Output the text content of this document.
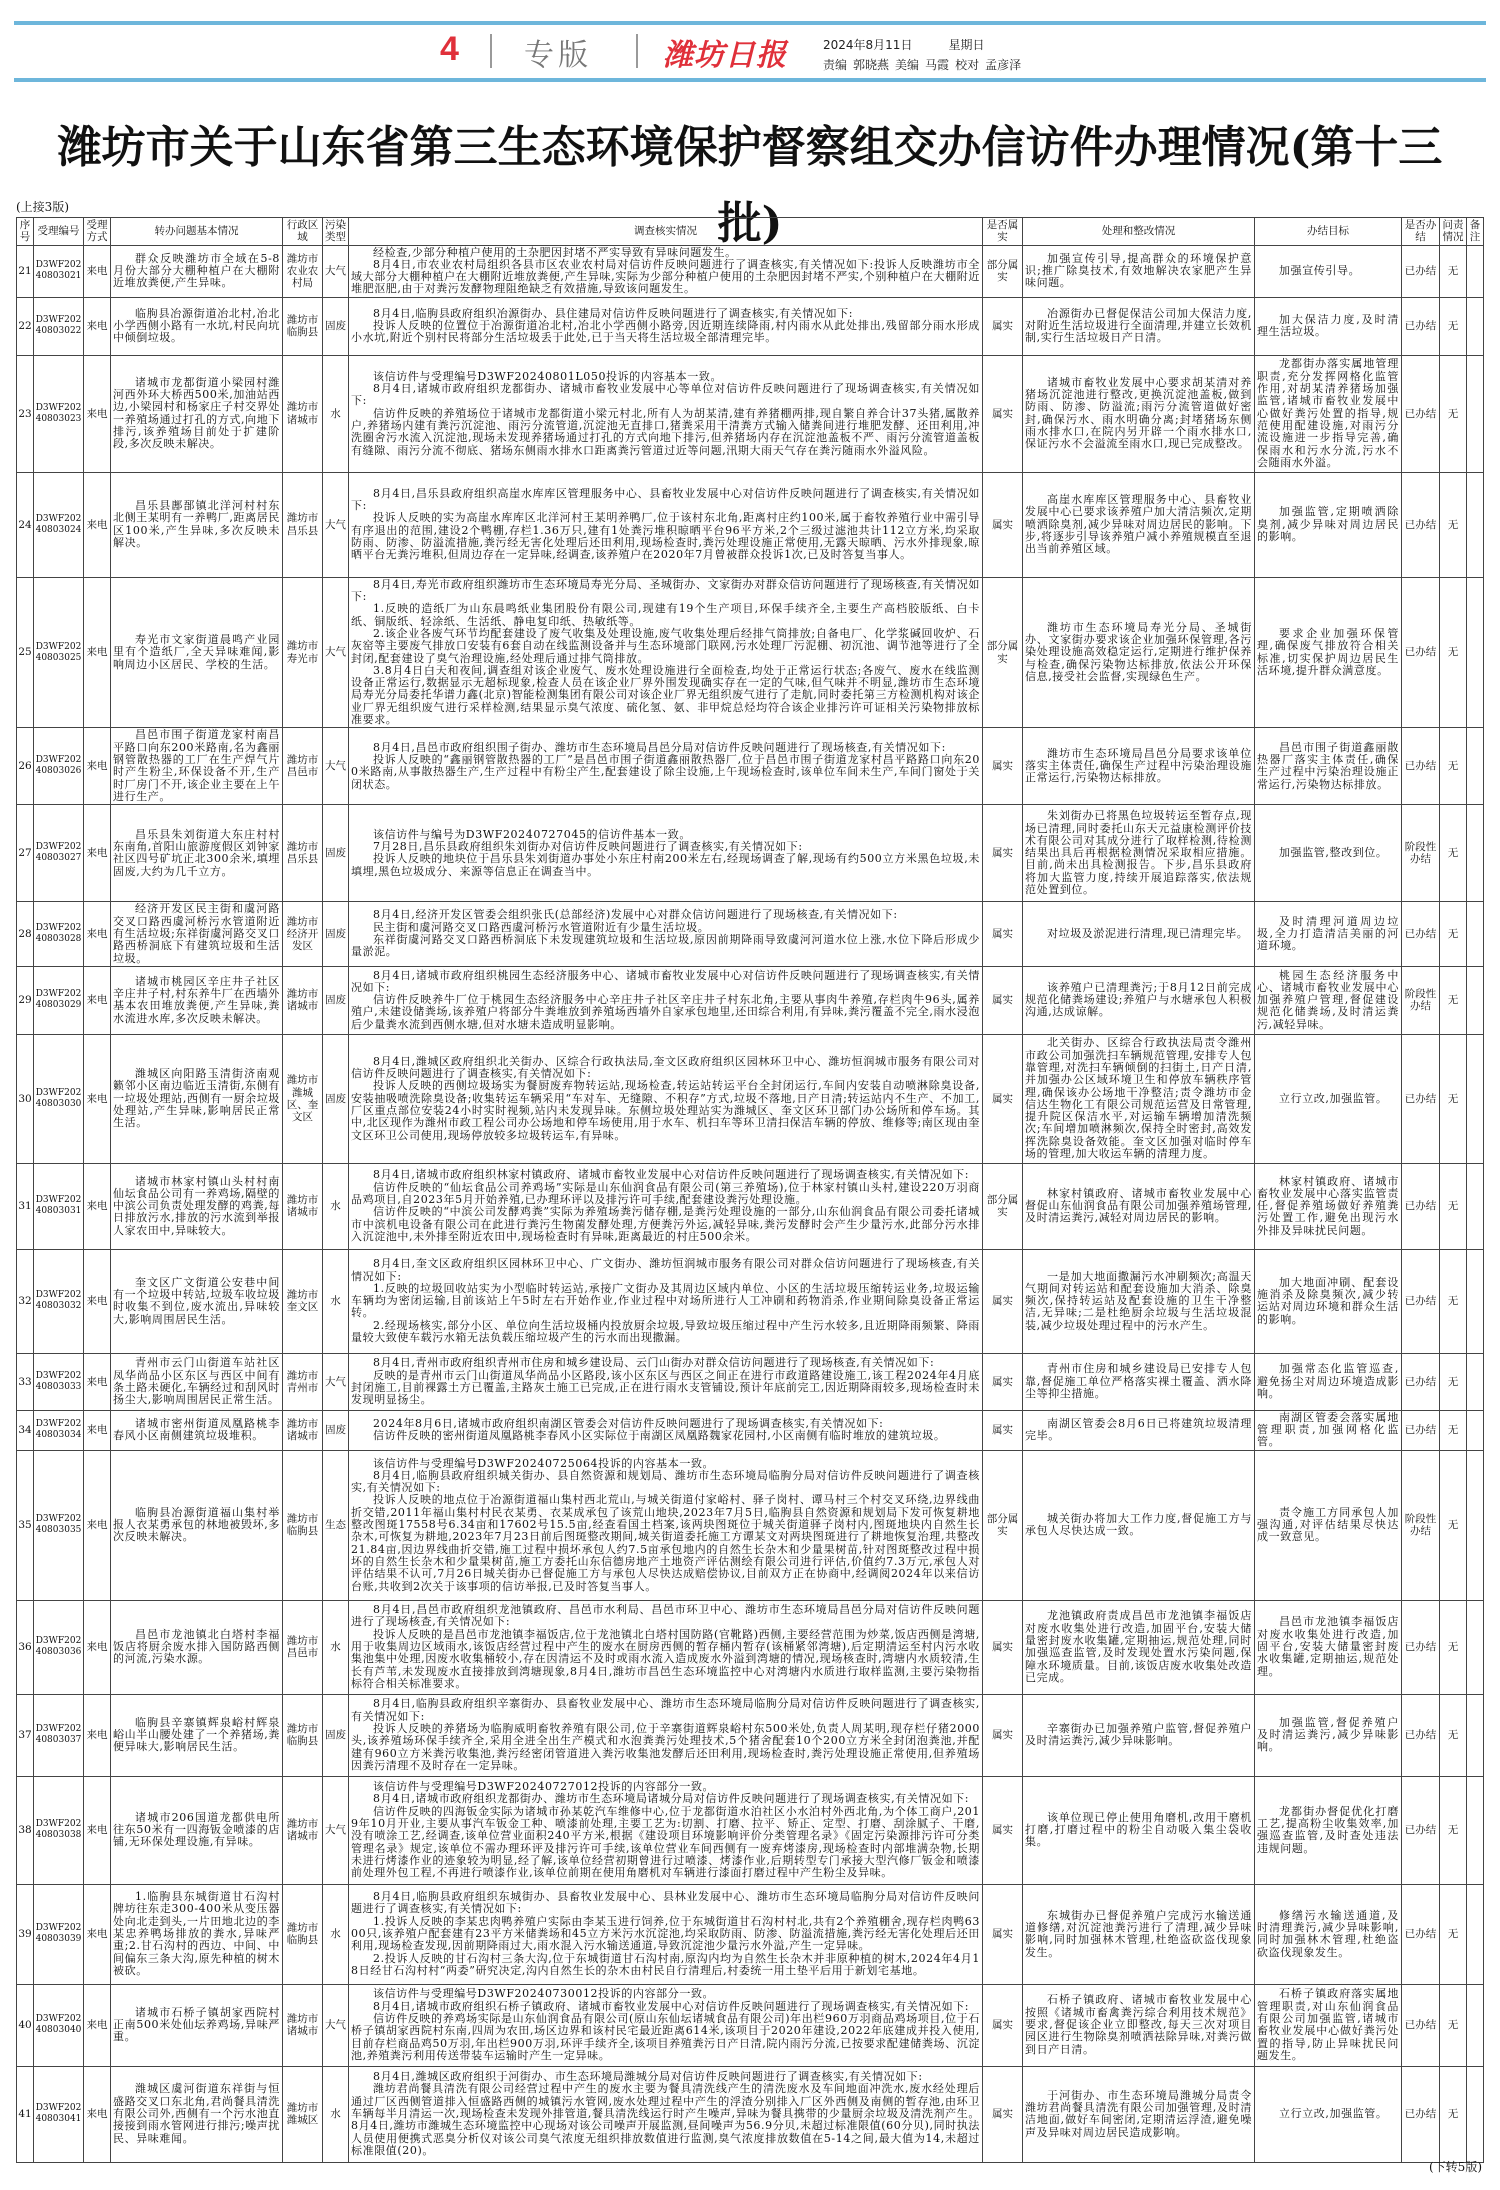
4 专版 潍坊日报	2024年8月11日	星期日
责编 郭晓燕 美编 马霞 校对 孟彦泽
潍坊市关于山东省第三生态环境保护督察组交办信访件办理情况(第十三批)
(上接3版)
序号	受理编号	受理方式	转办问题基本情况	行政区域	污染类型	调查核实情况	是否属实	处理和整改情况	办结目标	是否办结	问责情况	备注
21	D3WF20240803021	来电	群众反映潍坊市全域在5-8月份大部分大棚种植户在大棚附近堆放粪便,产生异味。	潍坊市农业农村局	大气	经检查,少部分种植户使用的土杂肥因封堵不严实导致有异味问题发生。

8月4日,市农业农村局组织各县市区农业农村局对信访件反映问题进行了调查核实,有关情况如下:投诉人反映潍坊市全域大部分大棚种植户在大棚附近堆放粪便,产生异味,实际为少部分种植户使用的土杂肥因封堵不严实,个别种植户在大棚附近堆肥沤肥,由于对粪污发酵物理阻绝缺乏有效措施,导致该问题发生。	部分属实	加强宣传引导,提高群众的环境保护意识;推广除臭技术,有效地解决农家肥产生异味问题。	加强宣传引导。	已办结	无	
22	D3WF20240803022	来电	临朐县冶源街道冶北村,冶北小学西侧小路有一水坑,村民向坑中倾倒垃圾。	潍坊市临朐县	固废	8月4日,临朐县政府组织冶源街办、县住建局对信访件反映问题进行了调查核实,有关情况如下:

投诉人反映的位置位于冶源街道冶北村,冶北小学西侧小路旁,因近期连续降雨,村内雨水从此处排出,残留部分雨水形成小水坑,附近个别村民将部分生活垃圾丢于此处,已于当天将生活垃圾全部清理完毕。	属实	冶源街办已督促保洁公司加大保洁力度,对附近生活垃圾进行全面清理,并建立长效机制,实行生活垃圾日产日清。	加大保洁力度,及时清理生活垃圾。	已办结	无	
23	D3WF20240803023	来电	诸城市龙都街道小梁园村潍河西外环大桥西500米,加油站西边,小梁园村和杨家庄子村交界处一养殖场通过打孔的方式,向地下排污,该养殖场目前处于扩建阶段,多次反映未解决。	潍坊市诸城市	水	该信访件与受理编号D3WF20240801L050投诉的内容基本一致。

8月4日,诸城市政府组织龙都街办、诸城市畜牧业发展中心等单位对信访件反映问题进行了现场调查核实,有关情况如下:

信访件反映的养殖场位于诸城市龙都街道小梁元村北,所有人为胡某清,建有养猪棚两排,现自繁自养合计37头猪,属散养户,养猪场内建有粪污沉淀池、雨污分流管道,沉淀池无直排口,猪粪采用干清粪方式输入储粪间进行堆肥发酵、还田利用,冲洗圈舍污水流入沉淀池,现场未发现养猪场通过打孔的方式向地下排污,但养猪场内存在沉淀池盖板不严、雨污分流管道盖板有缝隙、雨污分流不彻底、猪场东侧雨水排水口距离粪污管道过近等问题,汛期大雨天气存在粪污随雨水外溢风险。	属实	诸城市畜牧业发展中心要求胡某清对养猪场沉淀池进行整改,更换沉淀池盖板,做到防雨、防渗、防溢流;雨污分流管道做好密封,确保污水、雨水明确分离;封堵猪场东侧雨水排水口,在院内另开辟一个雨水排水口,保证污水不会溢流至雨水口,现已完成整改。	龙都街办落实属地管理职责,充分发挥网格化监管作用,对胡某清养猪场加强监管,诸城市畜牧业发展中心做好粪污处置的指导,规范使用配建设施,对雨污分流设施进一步指导完善,确保雨水和污水分流,污水不会随雨水外溢。	已办结	无	
24	D3WF20240803024	来电	昌乐县鄌郚镇北洋河村村东北侧王某明有一养鸭厂,距离居民区100米,产生异味,多次反映未解决。	潍坊市昌乐县	大气	8月4日,昌乐县政府组织高崖水库库区管理服务中心、县畜牧业发展中心对信访件反映问题进行了调查核实,有关情况如下:

投诉人反映的实为高崖水库库区北洋河村王某明养鸭厂,位于该村东北角,距离村庄约100米,属于畜牧养殖行业中需引导有序退出的范围,建设2个鸭棚,存栏1.36万只,建有1处粪污堆积晾晒平台96平方米,2个三级过滤池共计112立方米,均采取防雨、防渗、防溢流措施,粪污经无害化处理后还田利用,现场检查时,粪污处理设施正常使用,无露天晾晒、污水外排现象,晾晒平台无粪污堆积,但周边存在一定异味,经调查,该养殖户在2020年7月曾被群众投诉1次,已及时答复当事人。	属实	高崖水库库区管理服务中心、县畜牧业发展中心已要求该养殖户加大清洁频次,定期喷洒除臭剂,减少异味对周边居民的影响。下步,将逐步引导该养殖户减小养殖规模直至退出当前养殖区域。	加强监管,定期喷洒除臭剂,减少异味对周边居民的影响。	已办结	无	
25	D3WF20240803025	来电	寿光市文家街道晨鸣产业园里有个造纸厂,全天异味难闻,影响周边小区居民、学校的生活。	潍坊市寿光市	大气	8月4日,寿光市政府组织潍坊市生态环境局寿光分局、圣城街办、文家街办对群众信访问题进行了现场核查,有关情况如下:

1.反映的造纸厂为山东晨鸣纸业集团股份有限公司,现建有19个生产项目,环保手续齐全,主要生产高档胶版纸、白卡纸、铜版纸、轻涂纸、生活纸、静电复印纸、热敏纸等。

2.该企业各废气环节均配套建设了废气收集及处理设施,废气收集处理后经排气筒排放;自备电厂、化学浆碱回收炉、石灰窑等主要废气排放口安装有6套自动在线监测设备并与生态环境部门联网,污水处理厂污泥棚、初沉池、调节池等进行了全封闭,配套建设了臭气治理设施,经处理后通过排气筒排放。

3.8月4日白天和夜间,调查组对该企业废气、废水处理设施进行全面检查,均处于正常运行状态;各废气、废水在线监测设备正常运行,数据显示无超标现象,检查人员在该企业厂界外围发现确实存在一定的气味,但气味并不明显,潍坊市生态环境局寿光分局委托华谱力鑫(北京)智能检测集团有限公司对该企业厂界无组织废气进行了走航,同时委托第三方检测机构对该企业厂界无组织废气进行采样检测,结果显示臭气浓度、硫化氢、氨、非甲烷总烃均符合该企业排污许可证相关污染物排放标准要求。	部分属实	潍坊市生态环境局寿光分局、圣城街办、文家街办要求该企业加强环保管理,各污染处理设施高效稳定运行,定期进行维护保养与检查,确保污染物达标排放,依法公开环保信息,接受社会监督,实现绿色生产。	要求企业加强环保管理,确保废气排放符合相关标准,切实保护周边居民生活环境,提升群众满意度。	已办结	无	
26	D3WF20240803026	来电	昌邑市围子街道龙家村南昌平路口向东200米路南,名为鑫丽钢管散热器的工厂在生产焊气片时产生粉尘,环保设备不开,生产时厂房门不开,该企业主要在上午进行生产。	潍坊市昌邑市	大气	8月4日,昌邑市政府组织围子街办、潍坊市生态环境局昌邑分局对信访件反映问题进行了现场核查,有关情况如下:

投诉人反映的“鑫丽钢管散热器的工厂”是昌邑市围子街道鑫丽散热器厂,位于昌邑市围子街道龙家村昌平路路口向东200米路南,从事散热器生产,生产过程中有粉尘产生,配套建设了除尘设施,上午现场检查时,该单位车间未生产,车间门窗处于关闭状态。	属实	潍坊市生态环境局昌邑分局要求该单位落实主体责任,确保生产过程中污染治理设施正常运行,污染物达标排放。	昌邑市围子街道鑫丽散热器厂落实主体责任,确保生产过程中污染治理设施正常运行,污染物达标排放。	已办结	无	
27	D3WF20240803027	来电	昌乐县朱刘街道大东庄村村东南角,首阳山旅游度假区刘钟家社区四号矿坑正北300余米,填埋固废,大约为几千立方。	潍坊市昌乐县	固废	该信访件与编号为D3WF20240727045的信访件基本一致。

7月28日,昌乐县政府组织朱刘街办对信访件反映问题进行了调查核实,有关情况如下:

投诉人反映的地块位于昌乐县朱刘街道办事处小东庄村南200米左右,经现场调查了解,现场有约500立方米黑色垃圾,未填埋,黑色垃圾成分、来源等信息正在调查当中。	属实	朱刘街办已将黑色垃圾转运至暂存点,现场已清理,同时委托山东天元益康检测评价技术有限公司对其成分进行了取样检测,待检测结果出具后再根据检测情况采取相应措施。目前,尚未出具检测报告。下步,昌乐县政府将加大监管力度,持续开展追踪落实,依法规范处置到位。	加强监管,整改到位。	阶段性办结	无	
28	D3WF20240803028	来电	经济开发区民主街和虞河路交叉口路西虞河桥污水管道附近有生活垃圾;东祥街虞河路交叉口路西桥洞底下有建筑垃圾和生活垃圾。	潍坊市经济开发区	固废	8月4日,经济开发区管委会组织张氏(总部经济)发展中心对群众信访问题进行了现场核查,有关情况如下:

民主街和虞河路交叉口路西虞河桥污水管道附近有少量生活垃圾。

东祥街虞河路交叉口路西桥洞底下未发现建筑垃圾和生活垃圾,原因前期降雨导致虞河河道水位上涨,水位下降后形成少量淤泥。	属实	对垃圾及淤泥进行清理,现已清理完毕。	及时清理河道周边垃圾,全力打造清洁美丽的河道环境。	已办结	无	
29	D3WF20240803029	来电	诸城市桃园区辛庄井子社区辛庄井子村,村东养牛厂在西墙外基本农田堆放粪便,产生异味,粪水流进水库,多次反映未解决。	潍坊市诸城市	固废	8月4日,诸城市政府组织桃园生态经济服务中心、诸城市畜牧业发展中心对信访件反映问题进行了现场调查核实,有关情况如下:

信访件反映养牛厂位于桃园生态经济服务中心辛庄井子社区辛庄井子村东北角,主要从事肉牛养殖,存栏肉牛96头,属养殖户,未建设储粪场,该养殖户将部分牛粪堆放到养殖场西墙外自家承包地里,还田综合利用,有异味,粪污覆盖不完全,雨水浸泡后少量粪水流到西侧水塘,但对水塘未造成明显影响。	属实	该养殖户已清理粪污;于8月12日前完成规范化储粪场建设;养殖户与水塘承包人积极沟通,达成谅解。	桃园生态经济服务中心、诸城市畜牧业发展中心加强养殖户管理,督促建设规范化储粪场,及时清运粪污,减轻异味。	阶段性办结	无	
30	D3WF20240803030	来电	潍城区向阳路玉清街济南观籁邻小区南边临近玉清街,东侧有一垃圾处理站,西侧有一厨余垃圾处理站,产生异味,影响居民正常生活。	潍坊市潍城区、奎文区	固废	8月4日,潍城区政府组织北关街办、区综合行政执法局,奎文区政府组织区园林环卫中心、潍坊恒润城市服务有限公司对信访件反映问题进行了调查核实,有关情况如下:

投诉人反映的西侧垃圾场实为餐厨废弃物转运站,现场检查,转运站转运平台全封闭运行,车间内安装自动喷淋除臭设备,安装抽吸喷洗除臭设备;收集转运车辆采用“车对车、无缝隙、不积存”方式,垃圾不落地,日产日清;转运站内不生产、不加工,厂区重点部位安装24小时实时视频,站内未发现异味。东侧垃圾处理站实为潍城区、奎文区环卫部门办公场所和停车场。其中,北区现作为潍州市政工程公司办公场地和停车场使用,用于水车、机扫车等环卫清扫保洁车辆的停放、维修等;南区现由奎文区环卫公司使用,现场停放较多垃圾转运车,有异味。	属实	北关街办、区综合行政执法局责令潍州市政公司加强洗扫车辆规范管理,安排专人包靠管理,对洗扫车辆倾倒的扫街土,日产日清,并加强办公区域环境卫生和停放车辆秩序管理,确保该办公场地干净整洁;责令潍坊市金信达生物化工有限公司规范运营及日常管理,提升院区保洁水平,对运输车辆增加清洗频次;车间增加喷淋频次,保持全时密封,高效发挥洗除臭设备效能。奎文区加强对临时停车场的管理,加大收运车辆的清理力度。	立行立改,加强监管。	已办结	无	
31	D3WF20240803031	来电	诸城市林家村镇山头村村南仙坛食品公司有一养鸡场,隔壁的中滨公司负责处理发酵的鸡粪,每日排放污水,排放的污水流到举报人家农田中,异味较大。	潍坊市诸城市	水	8月4日,诸城市政府组织林家村镇政府、诸城市畜牧业发展中心对信访件反映问题进行了现场调查核实,有关情况如下:

信访件反映的“仙坛食品公司养鸡场”实际是山东仙润食品有限公司(第三养殖场),位于林家村镇山头村,建设220万羽商品鸡项目,自2023年5月开始养殖,已办理环评以及排污许可手续,配套建设粪污处理设施。

信访件反映的“中滨公司发酵鸡粪”实际为养殖场粪污储存棚,是粪污处理设施的一部分,山东仙润食品有限公司委托诸城市中滨机电设备有限公司在此进行粪污生物菌发酵处理,方便粪污外运,减轻异味,粪污发酵时会产生少量污水,此部分污水排入沉淀池中,未外排至附近农田中,现场检查时有异味,距离最近的村庄500余米。	部分属实	林家村镇政府、诸城市畜牧业发展中心督促山东仙润食品有限公司加强养殖场管理,及时清运粪污,减轻对周边居民的影响。	林家村镇政府、诸城市畜牧业发展中心落实监管责任,督促养殖场做好养殖粪污处置工作,避免出现污水外排及异味扰民问题。	已办结	无	
32	D3WF20240803032	来电	奎文区广文街道公安巷中间有一个垃圾中转站,垃圾车收垃圾时收集不到位,废水流出,异味较大,影响周围居民生活。	潍坊市奎文区	水	8月4日,奎文区政府组织区园林环卫中心、广文街办、潍坊恒润城市服务有限公司对群众信访问题进行了现场核查,有关情况如下:

1.反映的垃圾回收站实为小型临时转运站,承接广文街办及其周边区域内单位、小区的生活垃圾压缩转运业务,垃圾运输车辆均为密闭运输,目前该站上午5时左右开始作业,作业过程中对场所进行人工冲刷和药物消杀,作业期间除臭设备正常运转。

2.经现场核实,部分小区、单位向生活垃圾桶内投放厨余垃圾,导致垃圾压缩过程中产生污水较多,且近期降雨频繁、降雨量较大致使车载污水箱无法负载压缩垃圾产生的污水而出现撒漏。	属实	一是加大地面撒漏污水冲刷频次;高温天气期间对转运站和配套设施加大消杀、除臭频次,保持转运站及配套设施的卫生干净整洁,无异味;二是杜绝厨余垃圾与生活垃圾混装,减少垃圾处理过程中的污水产生。	加大地面冲刷、配套设施消杀及除臭频次,减少转运站对周边环境和群众生活的影响。	已办结	无	
33	D3WF20240803033	来电	青州市云门山街道车站社区凤华尚品小区东区与西区中间有条土路未硬化,车辆经过和刮风时扬尘大,影响周围居民正常生活。	潍坊市青州市	大气	8月4日,青州市政府组织青州市住房和城乡建设局、云门山街办对群众信访问题进行了现场核查,有关情况如下:

反映的是青州市云门山街道凤华尚品小区路段,该小区东区与西区之间正在进行市政道路建设施工,该工程2024年4月底封闭施工,目前裸露土方已覆盖,主路灰土施工已完成,正在进行雨水支管铺设,预计年底前完工,因近期降雨较多,现场检查时未发现明显扬尘。	属实	青州市住房和城乡建设局已安排专人包靠,督促施工单位严格落实裸土覆盖、洒水降尘等抑尘措施。	加强常态化监管巡查,避免扬尘对周边环境造成影响。	已办结	无	
34	D3WF20240803034	来电	诸城市密州街道凤凰路桃李春风小区南侧建筑垃圾堆积。	潍坊市诸城市	固废	2024年8月6日,诸城市政府组织南湖区管委会对信访件反映问题进行了现场调查核实,有关情况如下:

信访件反映的密州街道凤凰路桃李春风小区实际位于南湖区凤凰路魏家花园村,小区南侧有临时堆放的建筑垃圾。	属实	南湖区管委会8月6日已将建筑垃圾清理完毕。	南湖区管委会落实属地管理职责,加强网格化监管。	已办结	无	
35	D3WF20240803035	来电	临朐县冶源街道福山集村举报人衣某勇承包的林地被毁坏,多次反映未解决。	潍坊市临朐县	生态	该信访件与受理编号D3WF20240725064投诉的内容基本一致。

8月4日,临朐县政府组织城关街办、县自然资源和规划局、潍坊市生态环境局临朐分局对信访件反映问题进行了调查核实,有关情况如下:

投诉人反映的地点位于冶源街道福山集村西北荒山,与城关街道付家峪村、驿子岗村、谭马村三个村交叉环绕,边界线曲折交错,2011年福山集村村民衣某勇、衣某成承包了该荒山地块,2023年7月5日,临朐县自然资源和规划局下发可恢复耕地整改图斑17558号6.34亩和17602号15.5亩,经查看国土档案,该两块图斑位于城关街道驿子岗村内,图斑地块内自然生长杂木,可恢复为耕地,2023年7月23日前后图斑整改期间,城关街道委托施工方谭某文对两块图斑进行了耕地恢复治理,共整改21.84亩,因边界线曲折交错,施工过程中损坏承包人约7.5亩承包地内的自然生长杂木和少量果树苗,针对图斑整改过程中损坏的自然生长杂木和少量果树苗,施工方委托山东信德房地产土地资产评估测绘有限公司进行评估,价值约7.3万元,承包人对评估结果不认可,7月26日城关街办已督促施工方与承包人尽快达成赔偿协议,目前双方正在协商中,经调阅2024年以来信访台账,共收到2次关于该事项的信访举报,已及时答复当事人。	部分属实	城关街办将加大工作力度,督促施工方与承包人尽快达成一致。	责令施工方同承包人加强沟通,对评估结果尽快达成一致意见。	阶段性办结	无	
36	D3WF20240803036	来电	昌邑市龙池镇北白塔村李福饭店将厨余废水排入国防路西侧的河流,污染水源。	潍坊市昌邑市	水	8月4日,昌邑市政府组织龙池镇政府、昌邑市水利局、昌邑市环卫中心、潍坊市生态环境局昌邑分局对信访件反映问题进行了现场核查,有关情况如下:

投诉人反映的是昌邑市龙池镇李福饭店,位于龙池镇北白塔村国防路(官靴路)西侧,主要经营范围为炒菜,饭店西侧是湾塘,用于收集周边区域雨水,该饭店经营过程中产生的废水在厨房西侧的暂存桶内暂存(该桶紧邻湾塘),后定期清运至村内污水收集池集中处理,因废水收集桶较小,存在因清运不及时或雨水流入造成废水外溢到湾塘的情况,现场核查时,湾塘内水质较清,生长有芦苇,未发现废水直接排放到湾塘现象,8月4日,潍坊市昌邑生态环境监控中心对湾塘内水质进行取样监测,主要污染物指标符合相关标准要求。	属实	龙池镇政府责成昌邑市龙池镇李福饭店对废水收集处进行改造,加固平台,安装大储量密封废水收集罐,定期抽运,规范处理,同时加强巡查监管,及时发现处置水污染问题,保障水环境质量。目前,该饭店废水收集处改造已完成。	昌邑市龙池镇李福饭店对废水收集处进行改造,加固平台,安装大储量密封废水收集罐,定期抽运,规范处理。	已办结	无	
37	D3WF20240803037	来电	临朐县辛寨镇辉泉峪村辉泉峪山半山腰处建了一个养猪场,粪便异味大,影响居民生活。	潍坊市临朐县	固废	8月4日,临朐县政府组织辛寨街办、县畜牧业发展中心、潍坊市生态环境局临朐分局对信访件反映问题进行了调查核实,有关情况如下:

投诉人反映的养猪场为临朐威明畜牧养殖有限公司,位于辛寨街道辉泉峪村东500米处,负责人周某明,现存栏仔猪2000头,该养殖场环保手续齐全,采用全进全出生产模式和水泡粪粪污处理技术,5个猪舍配套10个200立方米全封闭泡粪池,并配建有960立方米粪污收集池,粪污经密闭管道进入粪污收集池发酵后还田利用,现场检查时,粪污处理设施正常使用,但养殖场因粪污清理不及时存在一定异味。	属实	辛寨街办已加强养殖户监管,督促养殖户及时清运粪污,减少异味影响。	加强监管,督促养殖户及时清运粪污,减少异味影响。	已办结	无	
38	D3WF20240803038	来电	诸城市206国道龙都供电所往东50米有一四海钣金喷漆的店铺,无环保处理设施,有异味。	潍坊市诸城市	大气	该信访件与受理编号D3WF20240727012投诉的内容部分一致。

8月4日,诸城市政府组织龙都街办、潍坊市生态环境局诸城分局对信访件反映问题进行了现场调查核实,有关情况如下:

信访件反映的四海钣金实际为诸城市孙某乾汽车维修中心,位于龙都街道水泊社区小水泊村外西北角,为个体工商户,2019年10月开业,主要从事汽车钣金工种、喷漆前处理,主要工艺为:切割、打磨、拉平、矫正、定型、打磨、刮涂腻子、干磨,没有喷涂工艺,经调查,该单位营业面积240平方米,根据《建设项目环境影响评价分类管理名录》《固定污染源排污许可分类管理名录》规定,该单位不需办理环评及排污许可手续,该单位营业车间西侧有一废弃烤漆房,现场检查时内部堆满杂物,长期未进行烤漆作业的迹象较为明显,经了解,该单位经营初期曾进行过喷漆、烤漆作业,后期转型专门承接大型汽修厂钣金和喷漆前处理外包工程,不再进行喷漆作业,该单位前期在使用角磨机对车辆进行漆面打磨过程中产生粉尘及异味。	属实	该单位现已停止使用角磨机,改用干磨机打磨,打磨过程中的粉尘自动吸入集尘袋收集。	龙都街办督促优化打磨工艺,提高粉尘收集效率,加强巡查监管,及时查处违法违规问题。	已办结	无	
39	D3WF20240803039	来电	1.临朐县东城街道甘石沟村牌坊往东走300-400米从变压器处向北走到头,一片田地北边的李某忠养鸭场排放的粪水,异味严重;2.甘石沟村的西边、中间、中间偏东三条大沟,原先种植的树木被砍。	潍坊市临朐县	水	8月4日,临朐县政府组织东城街办、县畜牧业发展中心、县林业发展中心、潍坊市生态环境局临朐分局对信访件反映问题进行了调查核实,有关情况如下:

1.投诉人反映的李某忠肉鸭养殖户实际由李某玉进行饲养,位于东城街道甘石沟村村北,共有2个养殖棚舍,现存栏肉鸭6300只,该养殖户配套建有23平方米储粪场和45立方米污水沉淀池,均采取防雨、防渗、防溢流措施,粪污经无害化处理后还田利用,现场检查发现,因前期降雨过大,雨水混入污水输送通道,导致沉淀池少量污水外溢,产生一定异味。

2.投诉人反映的甘石沟村三条大沟,位于东城街道甘石沟村南,原沟内均为自然生长杂木并非原种植的树木,2024年4月18日经甘石沟村村“两委”研究决定,沟内自然生长的杂木由村民自行清理后,村委统一用土垫平后用于新划宅基地。	属实	东城街办已督促养殖户完成污水输送通道修缮,对沉淀池粪污进行了清理,减少异味影响,同时加强林木管理,杜绝盗砍盗伐现象发生。	修缮污水输送通道,及时清理粪污,减少异味影响,同时加强林木管理,杜绝盗砍盗伐现象发生。	已办结	无	
40	D3WF20240803040	来电	诸城市石桥子镇胡家西院村正南500米处仙坛养鸡场,异味严重。	潍坊市诸城市	大气	该信访件与受理编号D3WF20240730012投诉的内容部分一致。

8月4日,诸城市政府组织石桥子镇政府、诸城市畜牧业发展中心对信访件反映问题进行了现场调查核实,有关情况如下:

信访件反映的养鸡场实际是山东仙润食品有限公司(原山东仙坛诸城食品有限公司)年出栏960万羽商品鸡场项目,位于石桥子镇胡家西院村东南,四周为农田,场区边界和该村民宅最近距离614米,该项目于2020年建设,2022年底建成并投入使用,目前存栏商品鸡50万羽,年出栏900万羽,环评手续齐全,该项目养殖粪污日产日清,院内雨污分流,已按要求配建储粪场、沉淀池,养殖粪污利用传送带装车运输时产生一定异味。	属实	石桥子镇政府、诸城市畜牧业发展中心按照《诸城市畜禽粪污综合利用技术规范》要求,督促该企业立即整改,每天三次对项目园区进行生物除臭剂喷洒祛除异味,对粪污做到日产日清。	石桥子镇政府落实属地管理职责,对山东仙润食品有限公司加强监管,诸城市畜牧业发展中心做好粪污处置的指导,防止异味扰民问题发生。	已办结	无	
41	D3WF20240803041	来电	潍城区虞河街道东祥街与恒盛路交叉口东北角,君尚餐具清洗有限公司外,西侧有一个污水池直接接到雨水管网进行排污;噪声扰民、异味难闻。	潍坊市潍城区	水	8月4日,潍城区政府组织于河街办、市生态环境局潍城分局对信访件反映问题进行了调查核实,有关情况如下:

潍坊君尚餐具清洗有限公司经营过程中产生的废水主要为餐具清洗线产生的清洗废水及车间地面冲洗水,废水经处理后通过厂区西侧管道排入恒盛路西侧的城镇污水管网,废水处理过程中产生的浮渣分别排入厂区外西侧及南侧的暂存池,由环卫车辆每半月清运一次,现场检查未发现外排管道,餐具清洗线运行时产生噪声,异味为餐具携带的少量厨余垃圾及清洗剂产生。8月4日,潍坊市潍城生态环境监控中心现场对该公司噪声开展监测,昼间噪声为56.9分贝,未超过标准限值(60分贝),同时执法人员使用便携式恶臭分析仪对该公司臭气浓度无组织排放数值进行监测,臭气浓度排放数值在5-14之间,最大值为14,未超过标准限值(20)。	属实	于河街办、市生态环境局潍城分局责令潍坊君尚餐具清洗有限公司加强管理,及时清洁地面,做好车间密闭,定期清运浮渣,避免噪声及异味对周边居民造成影响。	立行立改,加强监管。	已办结	无	
(下转5版)
